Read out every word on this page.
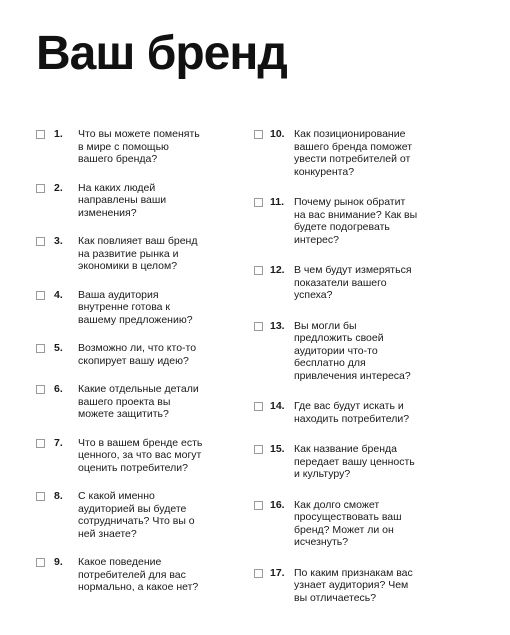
Ваш бренд
1. Что вы можете поменять
в мире с помощью
вашего бренда?
2. На каких людей
направлены ваши
изменения?
3. Как повлияет ваш бренд
на развитие рынка и
экономики в целом?
4. Ваша аудитория
внутренне готова к
вашему предложению?
5. Возможно ли, что кто-то
скопирует вашу идею?
6. Какие отдельные детали
вашего проекта вы
можете защитить?
7. Что в вашем бренде есть
ценного, за что вас могут
оценить потребители?
8. С какой именно
аудиторией вы будете
сотрудничать? Что вы о
ней знаете?
9. Какое поведение
потребителей для вас
нормально, а какое нет?
10. Как позиционирование
вашего бренда поможет
увести потребителей от
конкурента?
11. Почему рынок обратит
на вас внимание? Как вы
будете подогревать
интерес?
12. В чем будут измеряться
показатели вашего
успеха?
13. Вы могли бы
предложить своей
аудитории что-то
бесплатно для
привлечения интереса?
14. Где вас будут искать и
находить потребители?
15. Как название бренда
передает вашу ценность
и культуру?
16. Как долго сможет
просуществовать ваш
бренд? Может ли он
исчезнуть?
17. По каким признакам вас
узнает аудитория? Чем
вы отличаетесь?
